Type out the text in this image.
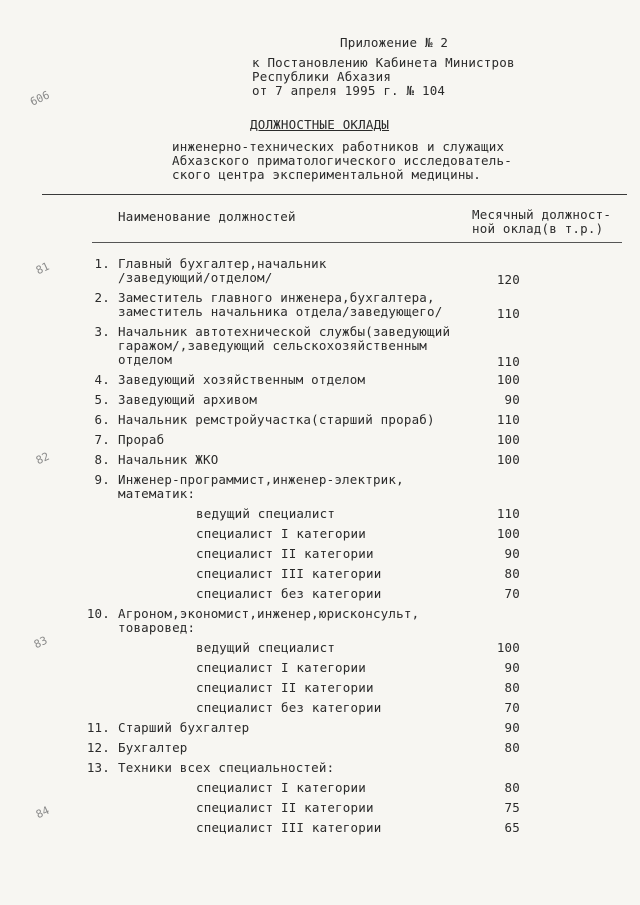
Приложение № 2
к Постановлению Кабинета Министров
Республики Абхазия
от 7 апреля 1995 г. № 104
ДОЛЖНОСТНЫЕ ОКЛАДЫ
инженерно-технических работников и служащих
Абхазского приматологического исследователь-
ского центра экспериментальной медицины.
Наименование должностей	Месячный должност-
ной оклад(в т.р.)
1. Главный бухгалтер,начальник
/заведующий/отделом/	120
2. Заместитель главного инженера,бухгалтера,
заместитель начальника отдела/заведующего/	110
3. Начальник автотехнической службы(заведующий
гаражом/,заведующий сельскохозяйственным
отделом	110
4. Заведующий хозяйственным отделом	100
5. Заведующий архивом	90
6. Начальник ремстройучастка(старший прораб)	110
7. Прораб	100
8. Начальник ЖКО	100
9. Инженер-программист,инженер-электрик,
математик:
ведущий специалист	110
специалист I категории	100
специалист II категории	90
специалист III категории	80
специалист без категории	70
10. Агроном,экономист,инженер,юрисконсульт,
товаровед:
ведущий специалист	100
специалист I категории	90
специалист II категории	80
специалист без категории	70
11. Старший бухгалтер	90
12. Бухгалтер	80
13. Техники всех специальностей:
специалист I категории	80
специалист II категории	75
специалист III категории	65
606
81
82
83
84
